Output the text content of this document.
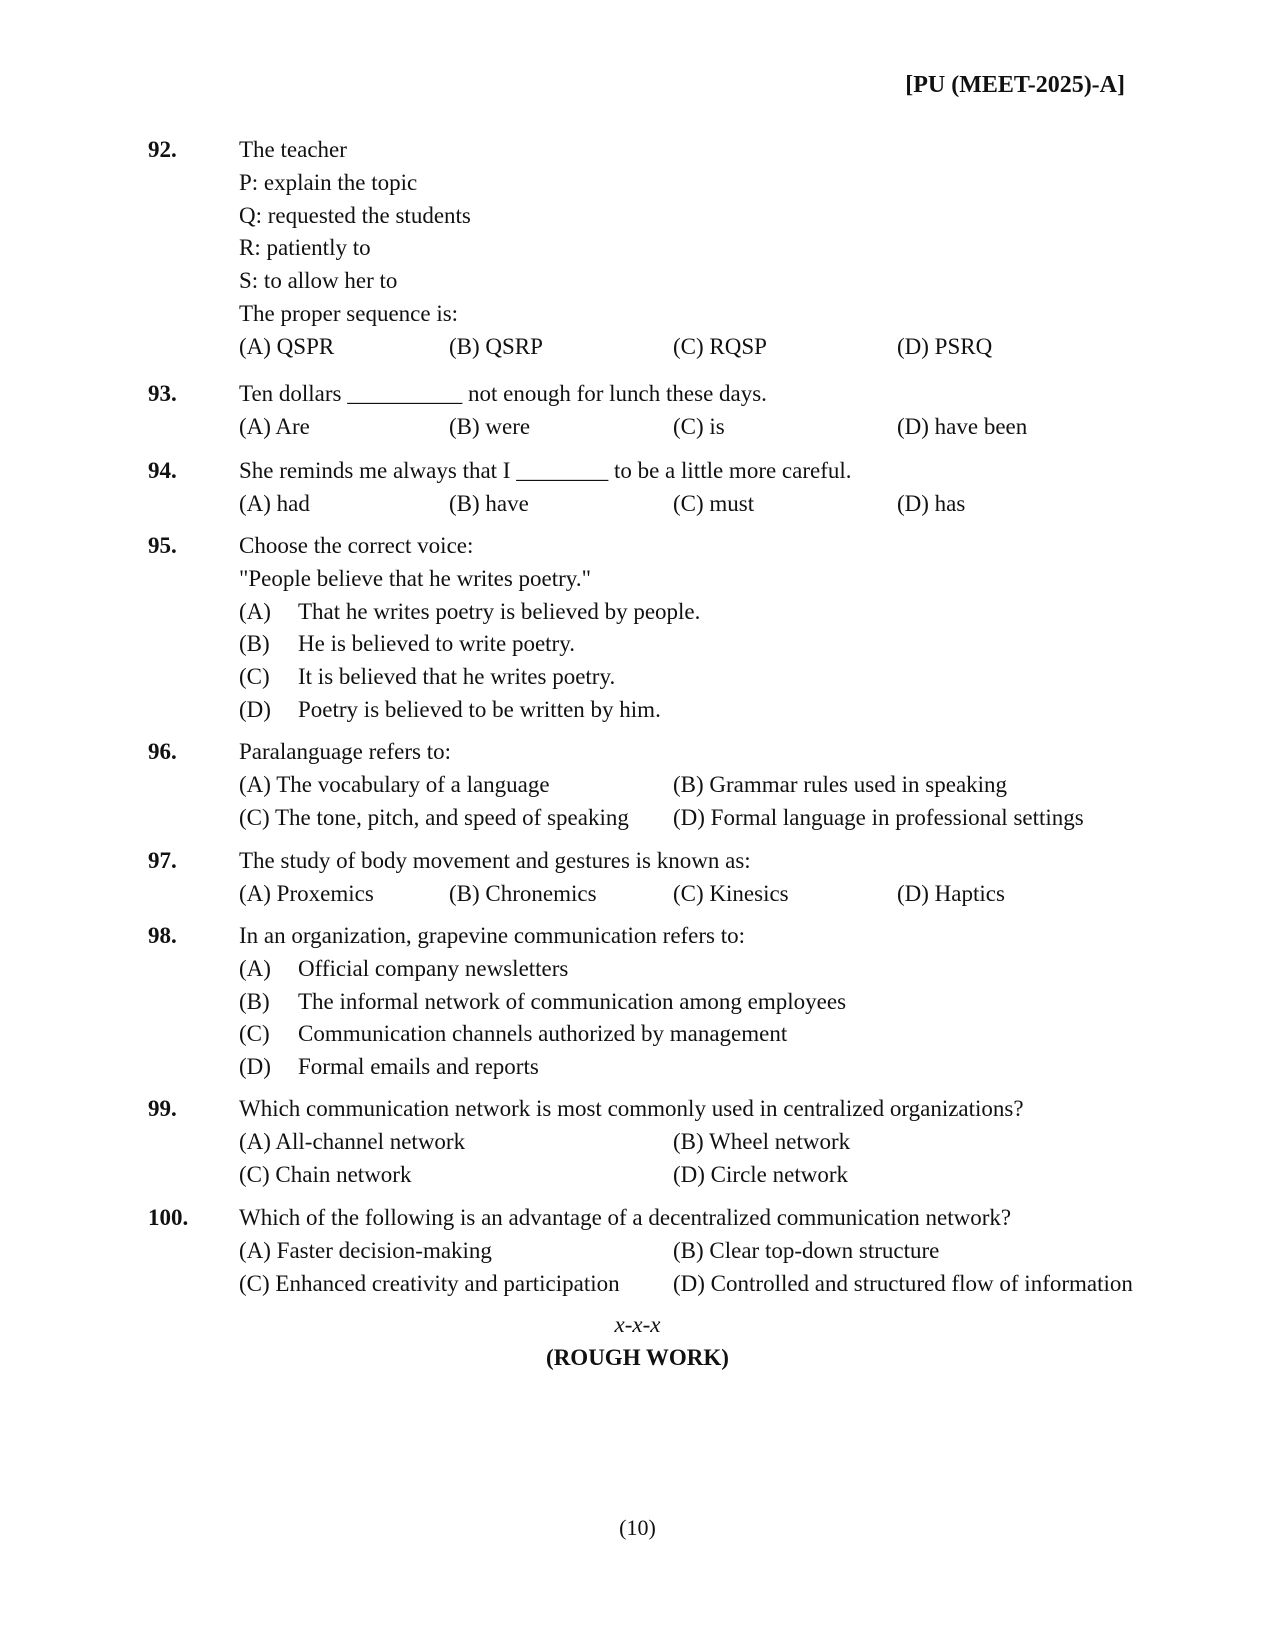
[PU (MEET-2025)-A]
92.	The teacher
P: explain the topic
Q: requested the students
R: patiently to
S: to allow her to
The proper sequence is:
(A) QSPR	(B) QSRP	(C) RQSP	(D) PSRQ
93.	Ten dollars __________ not enough for lunch these days.
(A) Are	(B) were	(C) is	(D) have been
94.	She reminds me always that I ________ to be a little more careful.
(A) had	(B) have	(C) must	(D) has
95.	Choose the correct voice:
"People believe that he writes poetry."
(A) That he writes poetry is believed by people.
(B) He is believed to write poetry.
(C) It is believed that he writes poetry.
(D) Poetry is believed to be written by him.
96.	Paralanguage refers to:
(A) The vocabulary of a language	(B) Grammar rules used in speaking
(C) The tone, pitch, and speed of speaking (D) Formal language in professional settings
97.	The study of body movement and gestures is known as:
(A) Proxemics	(B) Chronemics	(C) Kinesics	(D) Haptics
98.	In an organization, grapevine communication refers to:
(A) Official company newsletters
(B) The informal network of communication among employees
(C) Communication channels authorized by management
(D) Formal emails and reports
99.	Which communication network is most commonly used in centralized organizations?
(A) All-channel network	(B) Wheel network
(C) Chain network	(D) Circle network
100. Which of the following is an advantage of a decentralized communication network?
(A) Faster decision-making	(B) Clear top-down structure
(C) Enhanced creativity and participation (D) Controlled and structured flow of information
x-x-x
(ROUGH WORK)
(10)
